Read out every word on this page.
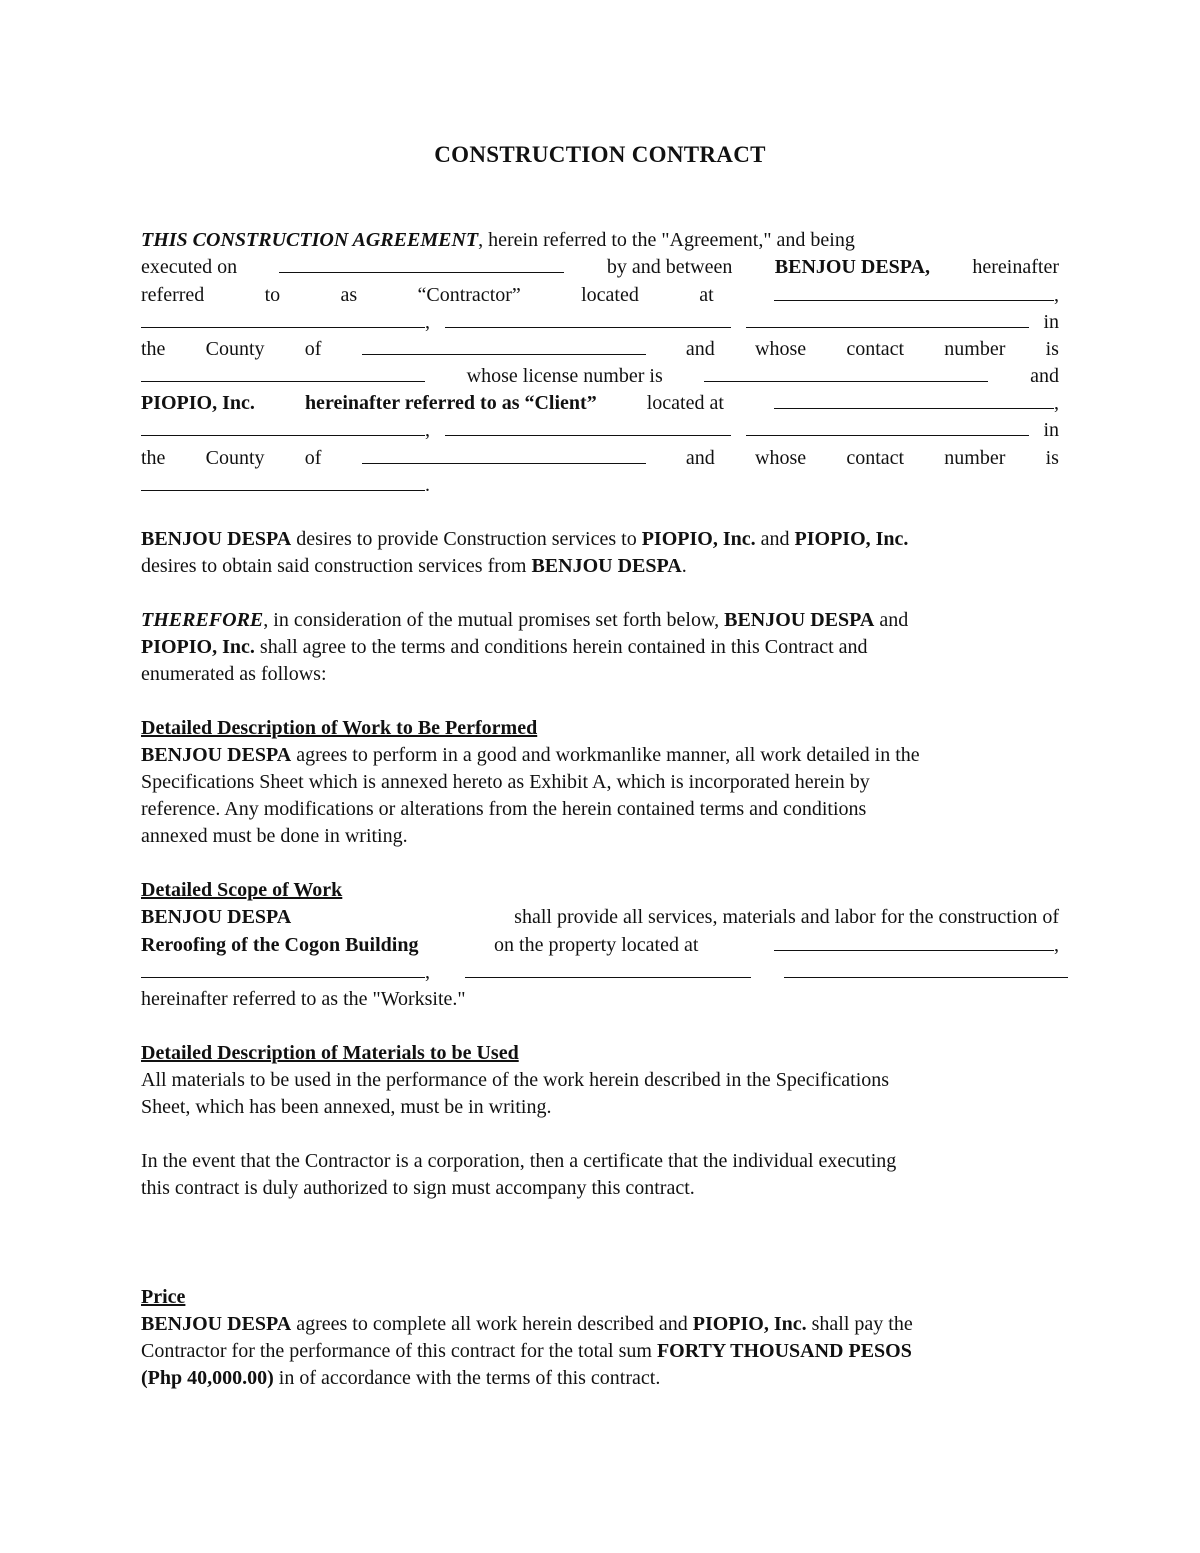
CONSTRUCTION CONTRACT
THIS CONSTRUCTION AGREEMENT, herein referred to the "Agreement," and being
executed on	by and between BENJOU DESPA, hereinafter
referred	to	as	“Contractor”	located	at	,
,	in
the County of	and whose contact number is
whose license number is	and
PIOPIO, Inc.	hereinafter referred to as “Client”	located at	,
,	in
the County of	and whose contact number is
.
BENJOU DESPA desires to provide Construction services to PIOPIO, Inc. and PIOPIO, Inc.
desires to obtain said construction services from BENJOU DESPA.
THEREFORE, in consideration of the mutual promises set forth below, BENJOU DESPA and
PIOPIO, Inc. shall agree to the terms and conditions herein contained in this Contract and
enumerated as follows:
Detailed Description of Work to Be Performed
BENJOU DESPA agrees to perform in a good and workmanlike manner, all work detailed in the
Specifications Sheet which is annexed hereto as Exhibit A, which is incorporated herein by
reference. Any modifications or alterations from the herein contained terms and conditions
annexed must be done in writing.
Detailed Scope of Work
BENJOU DESPA	shall provide all services, materials and labor for the construction of
Reroofing of the Cogon Building	on the property located at	,
,
hereinafter referred to as the "Worksite."
Detailed Description of Materials to be Used
All materials to be used in the performance of the work herein described in the Specifications
Sheet, which has been annexed, must be in writing.
In the event that the Contractor is a corporation, then a certificate that the individual executing
this contract is duly authorized to sign must accompany this contract.
Price
BENJOU DESPA agrees to complete all work herein described and PIOPIO, Inc. shall pay the
Contractor for the performance of this contract for the total sum FORTY THOUSAND PESOS
(Php 40,000.00) in of accordance with the terms of this contract.
